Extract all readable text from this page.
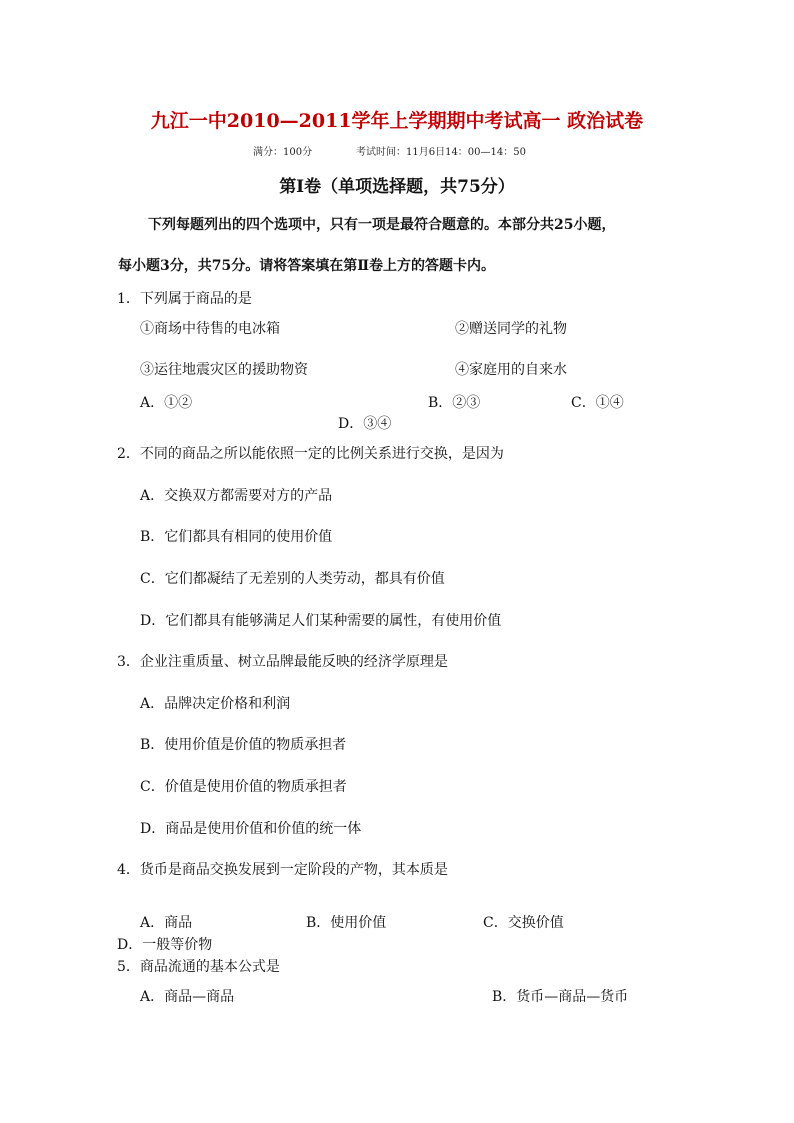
九江一中2010—2011学年上学期期中考试高一 政治试卷
满分：100分	考试时间：11月6日14：00—14：50
第Ⅰ卷（单项选择题，共75分）
下列每题列出的四个选项中，只有一项是最符合题意的。本部分共25小题，
每小题3分，共75分。请将答案填在第Ⅱ卷上方的答题卡内。
1．下列属于商品的是
①商场中待售的电冰箱	②赠送同学的礼物
③运往地震灾区的援助物资	④家庭用的自来水
A．①②	B．②③	C．①④
D．③④
2．不同的商品之所以能依照一定的比例关系进行交换，是因为
A．交换双方都需要对方的产品
B．它们都具有相同的使用价值
C．它们都凝结了无差别的人类劳动，都具有价值
D．它们都具有能够满足人们某种需要的属性，有使用价值
3．企业注重质量、树立品牌最能反映的经济学原理是
A．品牌决定价格和利润
B．使用价值是价值的物质承担者
C．价值是使用价值的物质承担者
D．商品是使用价值和价值的统一体
4．货币是商品交换发展到一定阶段的产物，其本质是
A．商品	B．使用价值	C．交换价值
D．一般等价物
5．商品流通的基本公式是
A．商品—商品	B．货币—商品—货币
